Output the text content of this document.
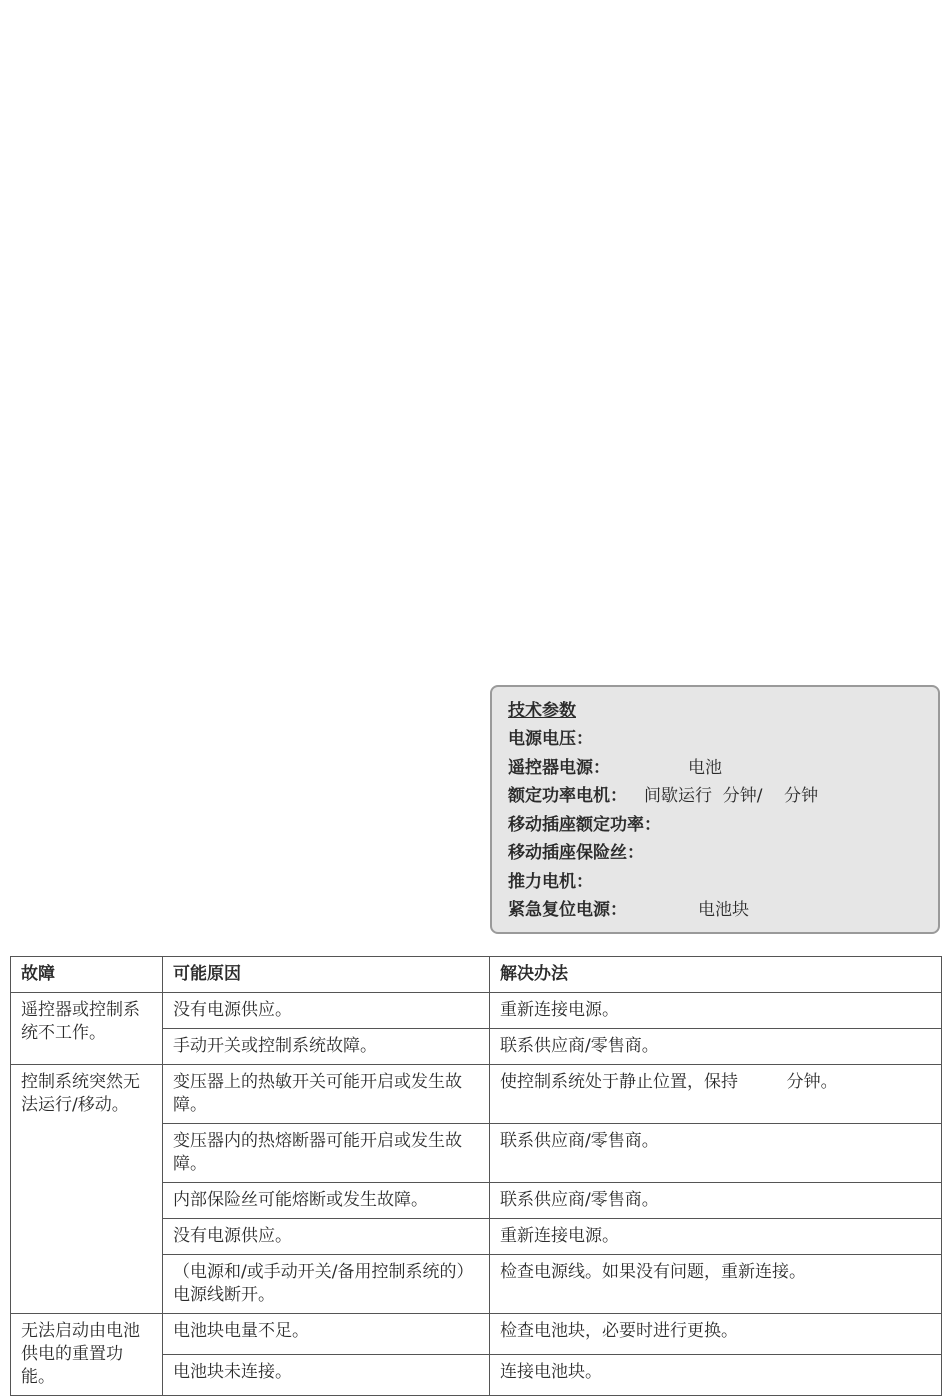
技术参数
电源电压：
遥控器电源：	电池
额定功率电机： 间歇运行  分钟/    分钟
移动插座额定功率：
移动插座保险丝：
推力电机：
紧急复位电源：	电池块
故障	可能原因	解决办法
遥控器或控制系统不工作。	没有电源供应。	重新连接电源。
	手动开关或控制系统故障。	联系供应商/零售商。
控制系统突然无法运行/移动。	变压器上的热敏开关可能开启或发生故障。	使控制系统处于静止位置，保持         分钟。
	变压器内的热熔断器可能开启或发生故障。	联系供应商/零售商。
	内部保险丝可能熔断或发生故障。	联系供应商/零售商。
	没有电源供应。	重新连接电源。
	（电源和/或手动开关/备用控制系统的）电源线断开。	检查电源线。如果没有问题，重新连接。
无法启动由电池供电的重置功能。	电池块电量不足。	检查电池块，必要时进行更换。
	电池块未连接。	连接电池块。
